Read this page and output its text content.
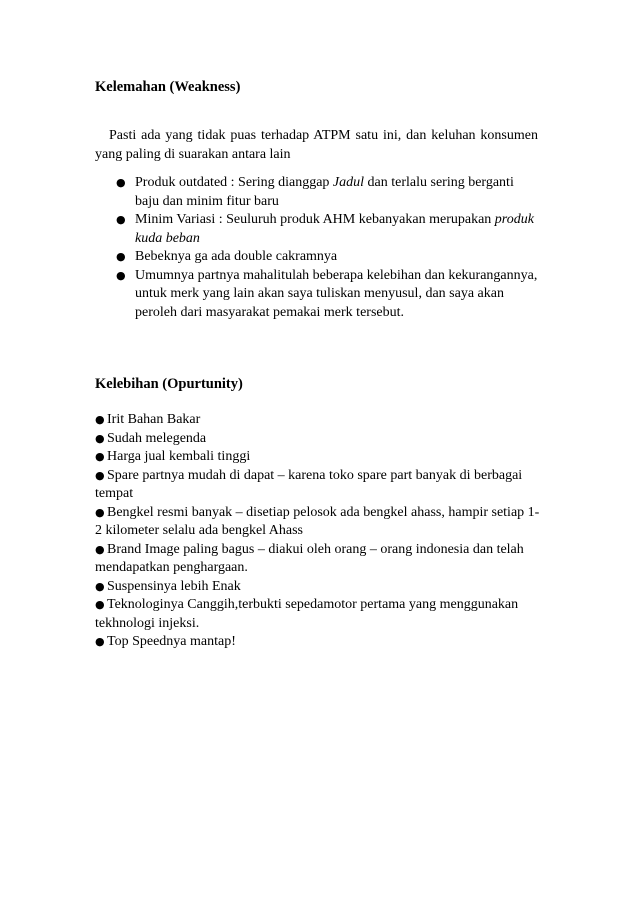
Kelemahan (Weakness)

Pasti ada yang tidak puas terhadap ATPM satu ini, dan keluhan konsumen yang paling di suarakan antara lain

● Produk outdated : Sering dianggap Jadul dan terlalu sering berganti baju dan minim fitur baru
● Minim Variasi : Seuluruh produk AHM kebanyakan merupakan produk kuda beban
● Bebeknya ga ada double cakramnya
● Umumnya partnya mahalitulah beberapa kelebihan dan kekurangannya, untuk merk yang lain akan saya tuliskan menyusul, dan saya akan peroleh dari masyarakat pemakai merk tersebut.
Kelebihan (Opurtunity)
● Irit Bahan Bakar
● Sudah melegenda
● Harga jual kembali tinggi
● Spare partnya mudah di dapat – karena toko spare part banyak di berbagai tempat
● Bengkel resmi banyak – disetiap pelosok ada bengkel ahass, hampir setiap 1-2 kilometer selalu ada bengkel Ahass
● Brand Image paling bagus – diakui oleh orang – orang indonesia dan telah mendapatkan penghargaan.
● Suspensinya lebih Enak
● Teknologinya Canggih,terbukti sepedamotor pertama yang menggunakan tekhnologi injeksi.
● Top Speednya mantap!
